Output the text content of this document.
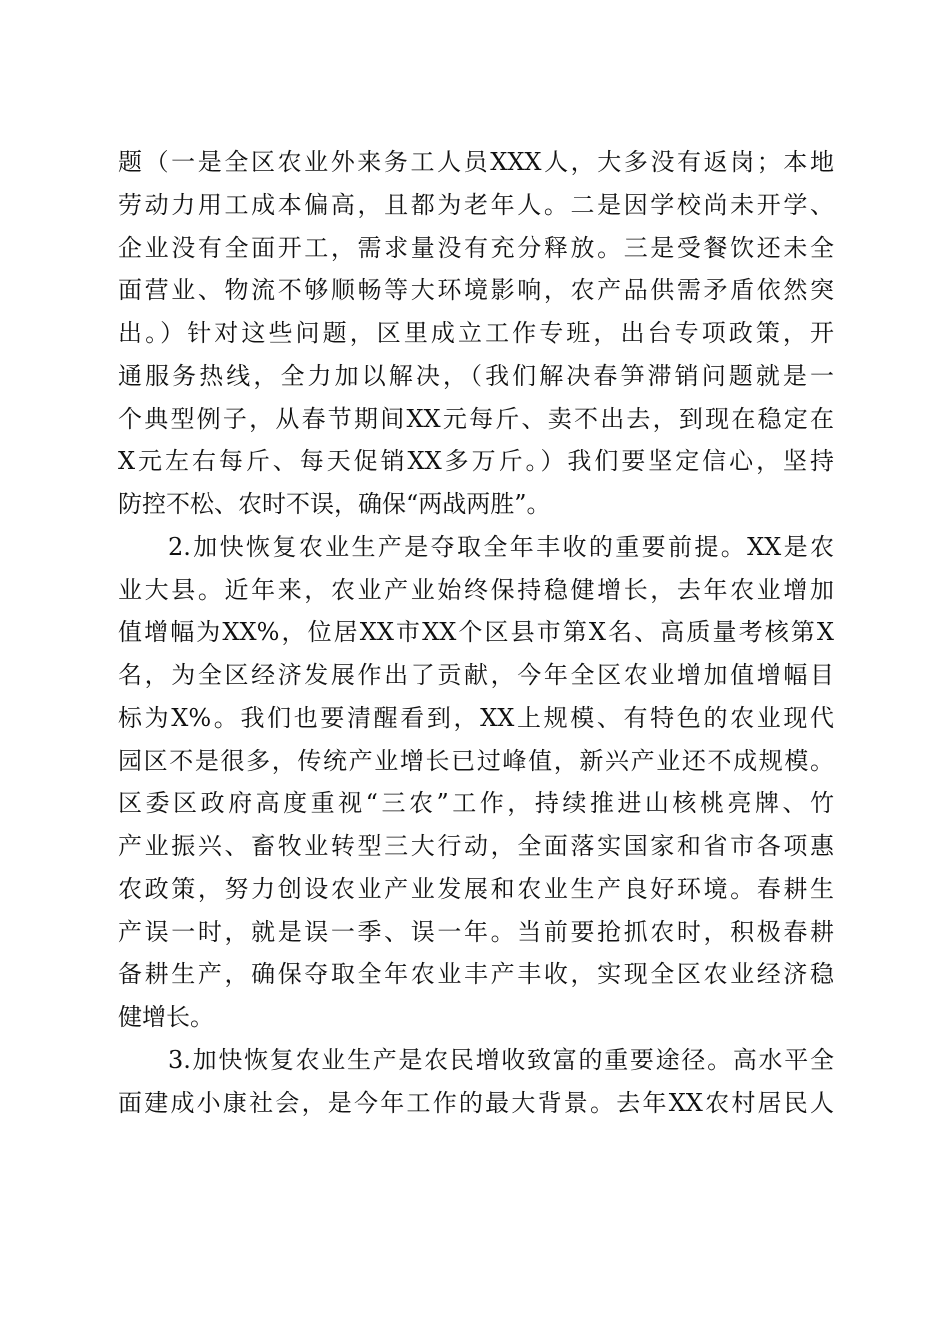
题（一是全区农业外来务工人员XXX人，大多没有返岗；本地
劳动力用工成本偏高，且都为老年人。二是因学校尚未开学、
企业没有全面开工，需求量没有充分释放。三是受餐饮还未全
面营业、物流不够顺畅等大环境影响，农产品供需矛盾依然突
出。）针对这些问题，区里成立工作专班，出台专项政策，开
通服务热线，全力加以解决，（我们解决春笋滞销问题就是一
个典型例子，从春节期间XX元每斤、卖不出去，到现在稳定在
X元左右每斤、每天促销XX多万斤。）我们要坚定信心，坚持
防控不松、农时不误，确保“两战两胜”。
2.加快恢复农业生产是夺取全年丰收的重要前提。XX是农
业大县。近年来，农业产业始终保持稳健增长，去年农业增加
值增幅为XX%，位居XX市XX个区县市第X名、高质量考核第X
名，为全区经济发展作出了贡献，今年全区农业增加值增幅目
标为X%。我们也要清醒看到，XX上规模、有特色的农业现代
园区不是很多，传统产业增长已过峰值，新兴产业还不成规模。
区委区政府高度重视“三农”工作，持续推进山核桃亮牌、竹
产业振兴、畜牧业转型三大行动，全面落实国家和省市各项惠
农政策，努力创设农业产业发展和农业生产良好环境。春耕生
产误一时，就是误一季、误一年。当前要抢抓农时，积极春耕
备耕生产，确保夺取全年农业丰产丰收，实现全区农业经济稳
健增长。
3.加快恢复农业生产是农民增收致富的重要途径。高水平全
面建成小康社会，是今年工作的最大背景。去年XX农村居民人
